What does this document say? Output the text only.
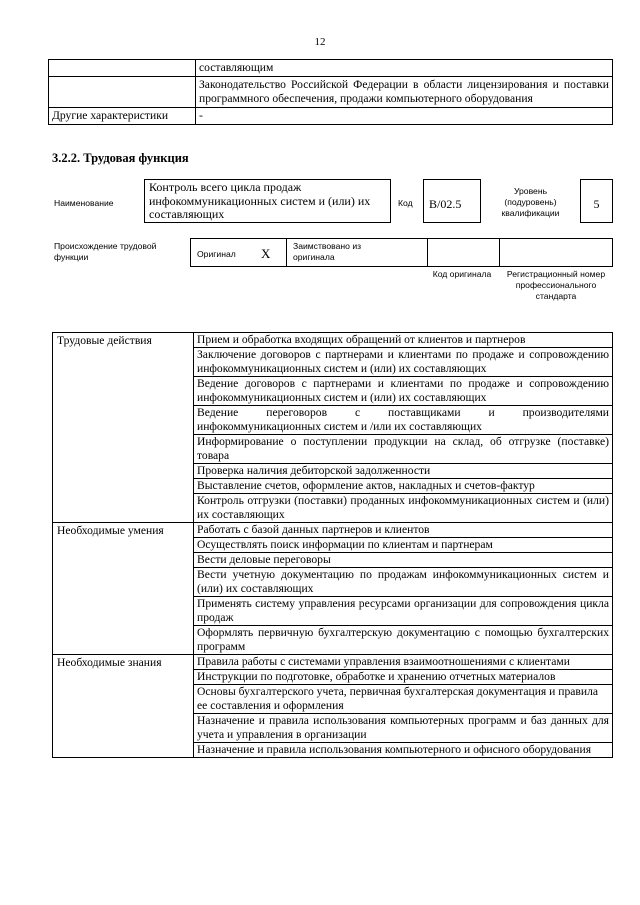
12
	составляющим
	Законодательство Российской Федерации в области лицензирования и поставки программного обеспечения, продажи компьютерного оборудования
Другие характеристики	-
3.2.2. Трудовая функция
Наименование
Контроль всего цикла продаж инфокоммуникационных систем и (или) их составляющих
Код	B/02.5
Уровень (подуровень) квалификации
5
Происхождение трудовой функции	Оригинал X	Заимствовано из оригинала
Код оригинала	Регистрационный номер профессионального стандарта
Трудовые действия	Прием и обработка входящих обращений от клиентов и партнеров
	Заключение договоров с партнерами и клиентами по продаже и сопровождению инфокоммуникационных систем и (или) их составляющих
	Ведение договоров с партнерами и клиентами по продаже и сопровождению инфокоммуникационных систем и (или) их составляющих
	Ведение переговоров с поставщиками и производителями инфокоммуникационных систем и /или их составляющих
	Информирование о поступлении продукции на склад, об отгрузке (поставке) товара
	Проверка наличия дебиторской задолженности
	Выставление счетов, оформление актов, накладных и счетов-фактур
	Контроль отгрузки (поставки) проданных инфокоммуникационных систем и (или) их составляющих
Необходимые умения	Работать с базой данных партнеров и клиентов
	Осуществлять поиск информации по клиентам и партнерам
	Вести деловые переговоры
	Вести учетную документацию по продажам инфокоммуникационных систем и (или) их составляющих
	Применять систему управления ресурсами организации для сопровождения цикла продаж
	Оформлять первичную бухгалтерскую документацию с помощью бухгалтерских программ
Необходимые знания	Правила работы с системами управления взаимоотношениями с клиентами
	Инструкции по подготовке, обработке и хранению отчетных материалов
	Основы бухгалтерского учета, первичная бухгалтерская документация и правила ее составления и оформления
	Назначение и правила использования компьютерных программ и баз данных для учета и управления в организации
	Назначение и правила использования компьютерного и офисного оборудования
